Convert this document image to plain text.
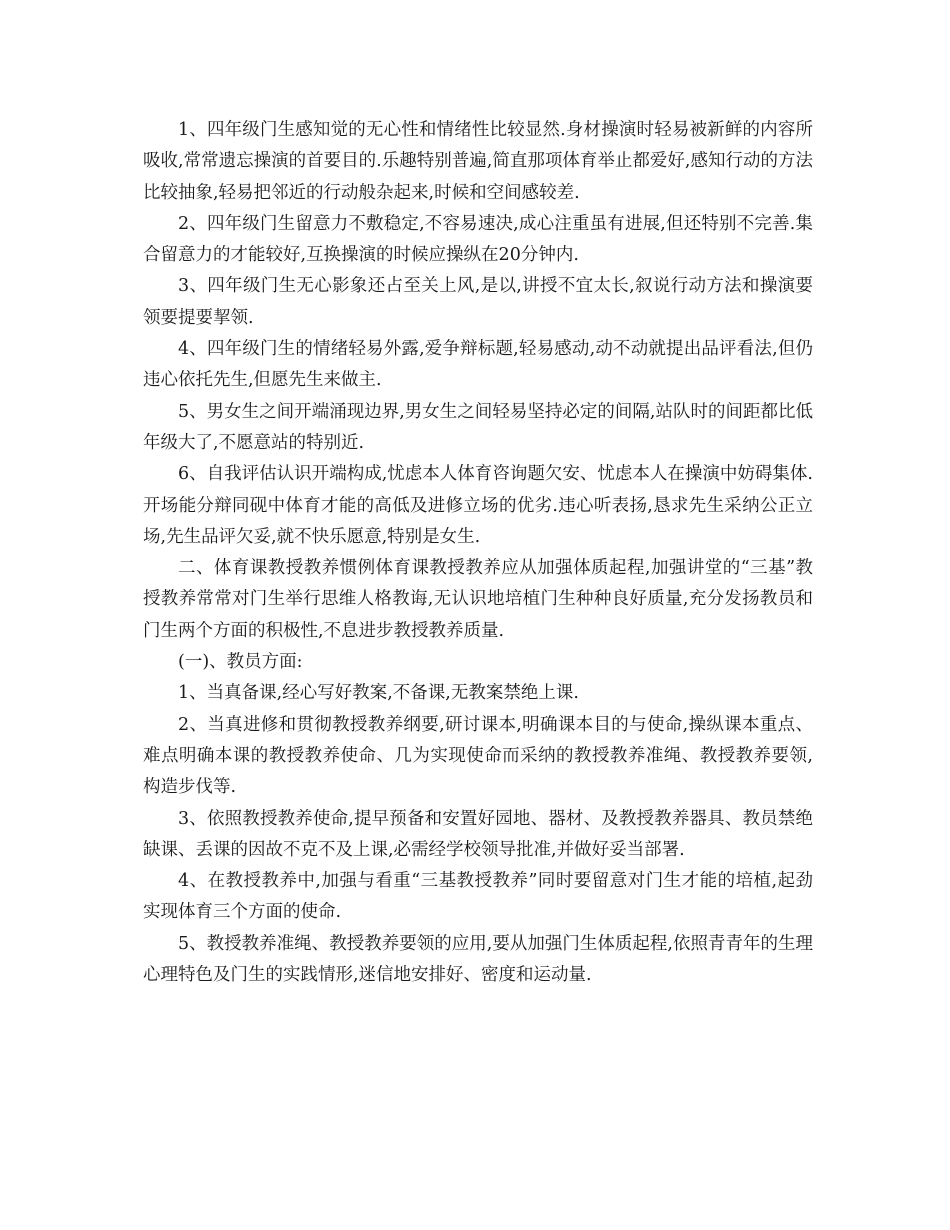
1、四年级门生感知觉的无心性和情绪性比较显然.身材操演时轻易被新鲜的内容所吸收,常常遗忘操演的首要目的.乐趣特别普遍,简直那项体育举止都爱好,感知行动的方法比较抽象,轻易把邻近的行动般杂起来,时候和空间感较差.

2、四年级门生留意力不敷稳定,不容易速决,成心注重虽有进展,但还特别不完善.集合留意力的才能较好,互换操演的时候应操纵在20分钟内.

3、四年级门生无心影象还占至关上风,是以,讲授不宜太长,叙说行动方法和操演要领要提要挈领.

4、四年级门生的情绪轻易外露,爱争辩标题,轻易感动,动不动就提出品评看法,但仍违心依托先生,但愿先生来做主.

5、男女生之间开端涌现边界,男女生之间轻易坚持必定的间隔,站队时的间距都比低年级大了,不愿意站的特别近.

6、自我评估认识开端构成,忧虑本人体育咨询题欠安、忧虑本人在操演中妨碍集体.开场能分辩同砚中体育才能的高低及进修立场的优劣.违心听表扬,恳求先生采纳公正立场,先生品评欠妥,就不快乐愿意,特别是女生.

二、体育课教授教养惯例体育课教授教养应从加强体质起程,加强讲堂的“三基”教授教养常常对门生举行思维人格教诲,无认识地培植门生种种良好质量,充分发扬教员和门生两个方面的积极性,不息进步教授教养质量.

(一)、教员方面:

1、当真备课,经心写好教案,不备课,无教案禁绝上课.

2、当真进修和贯彻教授教养纲要,研讨课本,明确课本目的与使命,操纵课本重点、难点明确本课的教授教养使命、几为实现使命而采纳的教授教养准绳、教授教养要领,构造步伐等.

3、依照教授教养使命,提早预备和安置好园地、器材、及教授教养器具、教员禁绝缺课、丢课的因故不克不及上课,必需经学校领导批准,并做好妥当部署.

4、在教授教养中,加强与看重“三基教授教养”同时要留意对门生才能的培植,起劲实现体育三个方面的使命.

5、教授教养准绳、教授教养要领的应用,要从加强门生体质起程,依照青青年的生理心理特色及门生的实践情形,迷信地安排好、密度和运动量.
